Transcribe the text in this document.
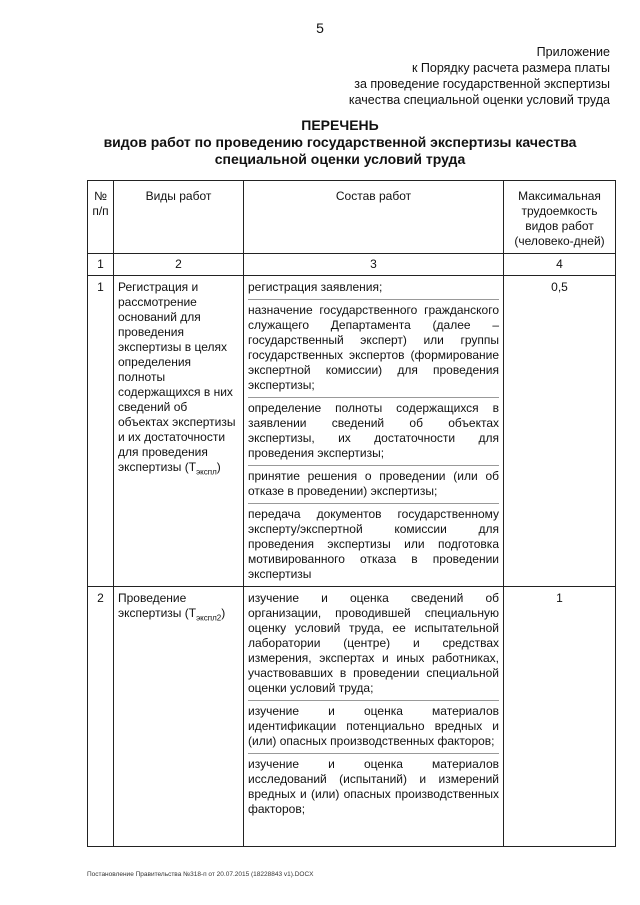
5
Приложение
к Порядку расчета размера платы
за проведение государственной экспертизы
качества специальной оценки условий труда
ПЕРЕЧЕНЬ
видов работ по проведению государственной экспертизы качества
специальной оценки условий труда
№ п/п	Виды работ	Состав работ	Максимальная трудоемкость видов работ (человеко-дней)
1	2	3	4
1	Регистрация и рассмотрение оснований для проведения экспертизы в целях определения полноты содержащихся в них сведений об объектах экспертизы и их достаточности для проведения экспертизы $(Т_{экспл})$	регистрация заявления;
назначение государственного гражданского служащего Департамента (далее – государственный эксперт) или группы государственных экспертов (формирование экспертной комиссии) для проведения экспертизы;
определение полноты содержащихся в заявлении сведений об объектах экспертизы, их достаточности для проведения экспертизы;
принятие решения о проведении (или об отказе в проведении) экспертизы;
передача документов государственному эксперту/экспертной комиссии для проведения экспертизы или подготовка мотивированного отказа в проведении экспертизы	0,5
2	Проведение экспертизы $(Т_{экспл2})$	изучение и оценка сведений об организации, проводившей специальную оценку условий труда, ее испытательной лаборатории (центре) и средствах измерения, экспертах и иных работниках, участвовавших в проведении специальной оценки условий труда;
изучение и оценка материалов идентификации потенциально вредных и (или) опасных производственных факторов;
изучение и оценка материалов исследований (испытаний) и измерений вредных и (или) опасных производственных факторов;	1
Постановление Правительства №318-п от 20.07.2015 (18228843 v1).DOCX
